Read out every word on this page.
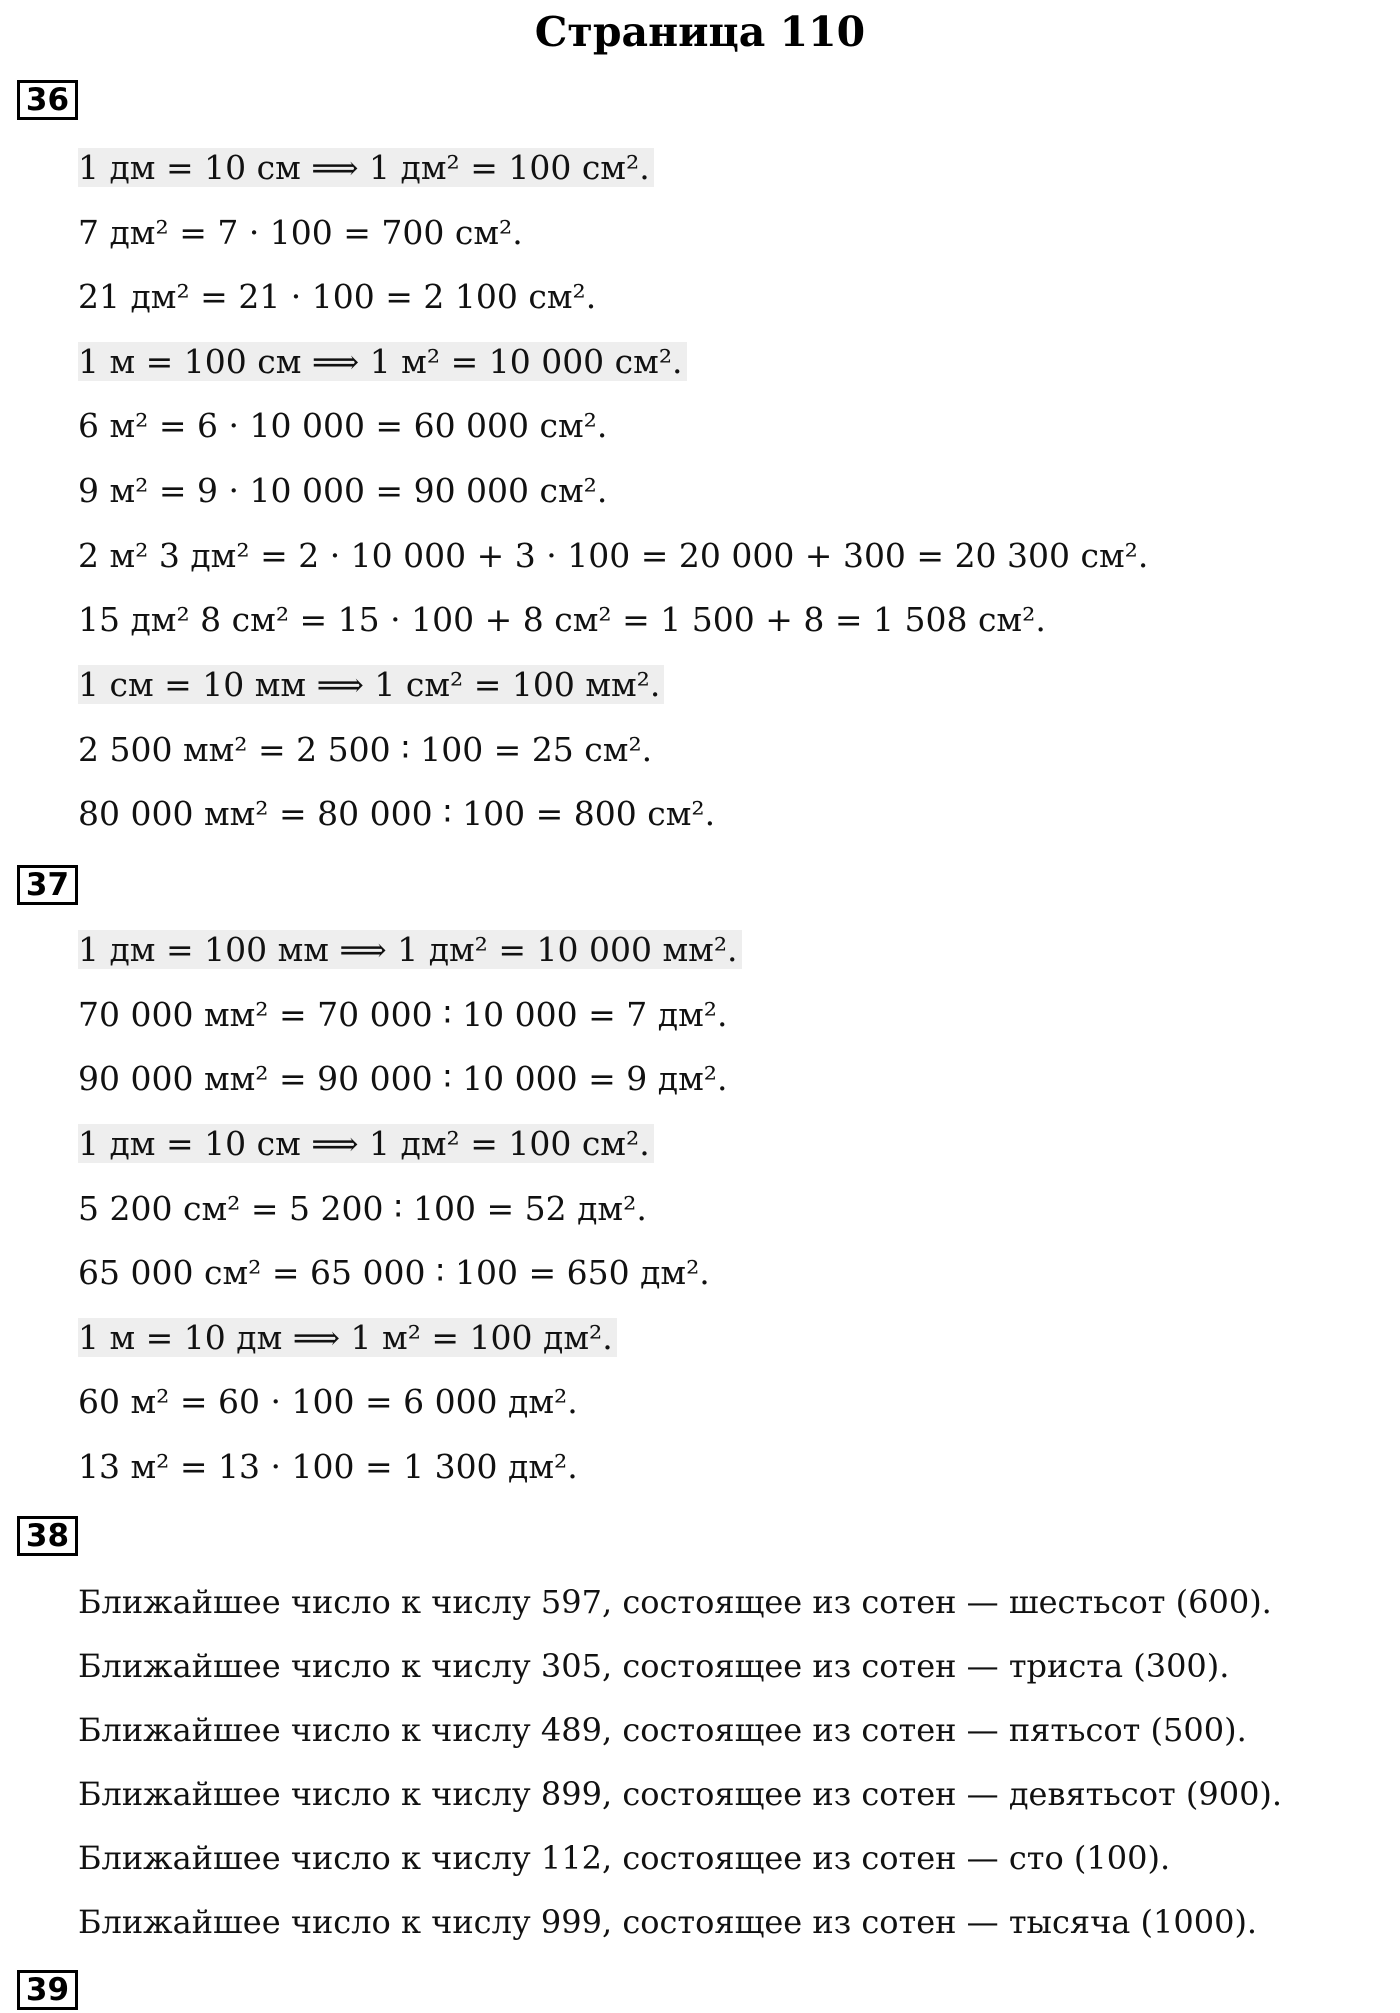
Страница 110
36
1 дм = 10 см ⟹ 1 дм² = 100 см².
7 дм² = 7 · 100 = 700 см².
21 дм² = 21 · 100 = 2 100 см².
1 м = 100 см ⟹ 1 м² = 10 000 см².
6 м² = 6 · 10 000 = 60 000 см².
9 м² = 9 · 10 000 = 90 000 см².
2 м² 3 дм² = 2 · 10 000 + 3 · 100 = 20 000 + 300 = 20 300 см².
15 дм² 8 см² = 15 · 100 + 8 см² = 1 500 + 8 = 1 508 см².
1 см = 10 мм ⟹ 1 см² = 100 мм².
2 500 мм² = 2 500 ∶ 100 = 25 см².
80 000 мм² = 80 000 ∶ 100 = 800 см².
37
1 дм = 100 мм ⟹ 1 дм² = 10 000 мм².
70 000 мм² = 70 000 ∶ 10 000 = 7 дм².
90 000 мм² = 90 000 ∶ 10 000 = 9 дм².
1 дм = 10 см ⟹ 1 дм² = 100 см².
5 200 см² = 5 200 ∶ 100 = 52 дм².
65 000 см² = 65 000 ∶ 100 = 650 дм².
1 м = 10 дм ⟹ 1 м² = 100 дм².
60 м² = 60 · 100 = 6 000 дм².
13 м² = 13 · 100 = 1 300 дм².
38
Ближайшее число к числу 597, состоящее из сотен — шестьсот (600).
Ближайшее число к числу 305, состоящее из сотен — триста (300).
Ближайшее число к числу 489, состоящее из сотен — пятьсот (500).
Ближайшее число к числу 899, состоящее из сотен — девятьсот (900).
Ближайшее число к числу 112, состоящее из сотен — сто (100).
Ближайшее число к числу 999, состоящее из сотен — тысяча (1000).
39
